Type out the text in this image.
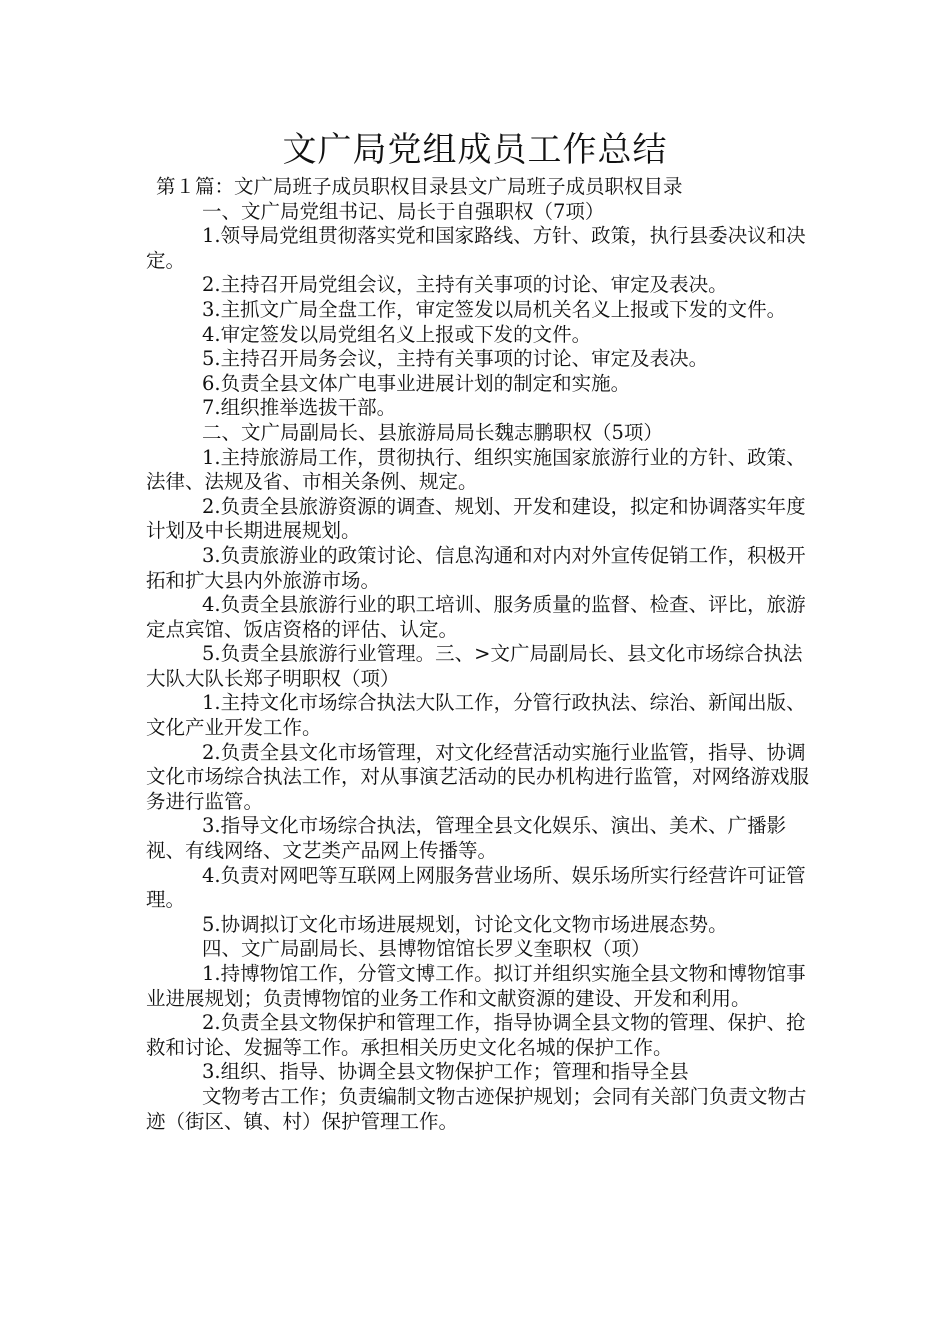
文广局党组成员工作总结

第１篇：文广局班子成员职权目录县文广局班子成员职权目录

一、文广局党组书记、局长于自强职权（7项）

1.领导局党组贯彻落实党和国家路线、方针、政策，执行县委决议和决定。

2.主持召开局党组会议，主持有关事项的讨论、审定及表决。

3.主抓文广局全盘工作，审定签发以局机关名义上报或下发的文件。

4.审定签发以局党组名义上报或下发的文件。

5.主持召开局务会议，主持有关事项的讨论、审定及表决。

6.负责全县文体广电事业进展计划的制定和实施。

7.组织推举选拔干部。

二、文广局副局长、县旅游局局长魏志鹏职权（5项）

1.主持旅游局工作，贯彻执行、组织实施国家旅游行业的方针、政策、法律、法规及省、市相关条例、规定。

2.负责全县旅游资源的调查、规划、开发和建设，拟定和协调落实年度计划及中长期进展规划。

3.负责旅游业的政策讨论、信息沟通和对内对外宣传促销工作，积极开拓和扩大县内外旅游市场。

4.负责全县旅游行业的职工培训、服务质量的监督、检查、评比，旅游定点宾馆、饭店资格的评估、认定。

5.负责全县旅游行业管理。三、>文广局副局长、县文化市场综合执法大队大队长郑子明职权（项）

1.主持文化市场综合执法大队工作，分管行政执法、综治、新闻出版、文化产业开发工作。

2.负责全县文化市场管理，对文化经营活动实施行业监管，指导、协调文化市场综合执法工作，对从事演艺活动的民办机构进行监管，对网络游戏服务进行监管。

3.指导文化市场综合执法，管理全县文化娱乐、演出、美术、广播影视、有线网络、文艺类产品网上传播等。

4.负责对网吧等互联网上网服务营业场所、娱乐场所实行经营许可证管理。

5.协调拟订文化市场进展规划，讨论文化文物市场进展态势。

四、文广局副局长、县博物馆馆长罗义奎职权（项）

1.持博物馆工作，分管文博工作。拟订并组织实施全县文物和博物馆事业进展规划；负责博物馆的业务工作和文献资源的建设、开发和利用。

2.负责全县文物保护和管理工作，指导协调全县文物的管理、保护、抢救和讨论、发掘等工作。承担相关历史文化名城的保护工作。

3.组织、指导、协调全县文物保护工作；管理和指导全县

文物考古工作；负责编制文物古迹保护规划；会同有关部门负责文物古迹（街区、镇、村）保护管理工作。
